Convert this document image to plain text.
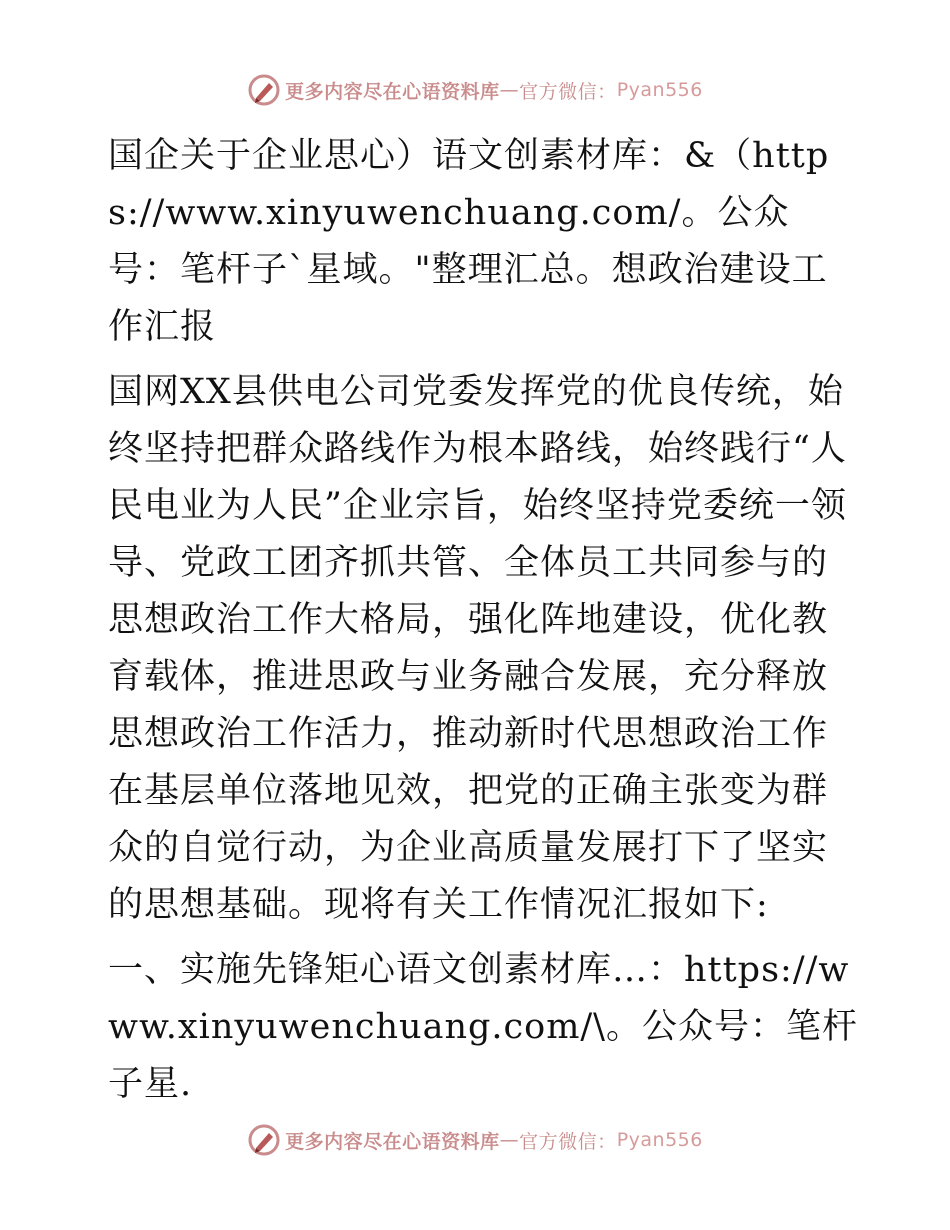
更多内容尽在心语资料库 — 官方微信： Pyan556

国企关于企业思心）语文创素材库：&（https://www.xinyuwenchuang.com/。公众号：笔杆子`星域。"整理汇总。想政治建设工作汇报

国网XX县供电公司党委发挥党的优良传统，始终坚持把群众路线作为根本路线，始终践行“人民电业为人民”企业宗旨，始终坚持党委统一领导、党政工团齐抓共管、全体员工共同参与的思想政治工作大格局，强化阵地建设，优化教育载体，推进思政与业务融合发展，充分释放思想政治工作活力，推动新时代思想政治工作在基层单位落地见效，把党的正确主张变为群众的自觉行动，为企业高质量发展打下了坚实的思想基础。现将有关工作情况汇报如下:

一、实施先锋矩心语文创素材库…：https://www.xinyuwenchuang.com/\。公众号：笔杆子星.

更多内容尽在心语资料库 — 官方微信： Pyan556
